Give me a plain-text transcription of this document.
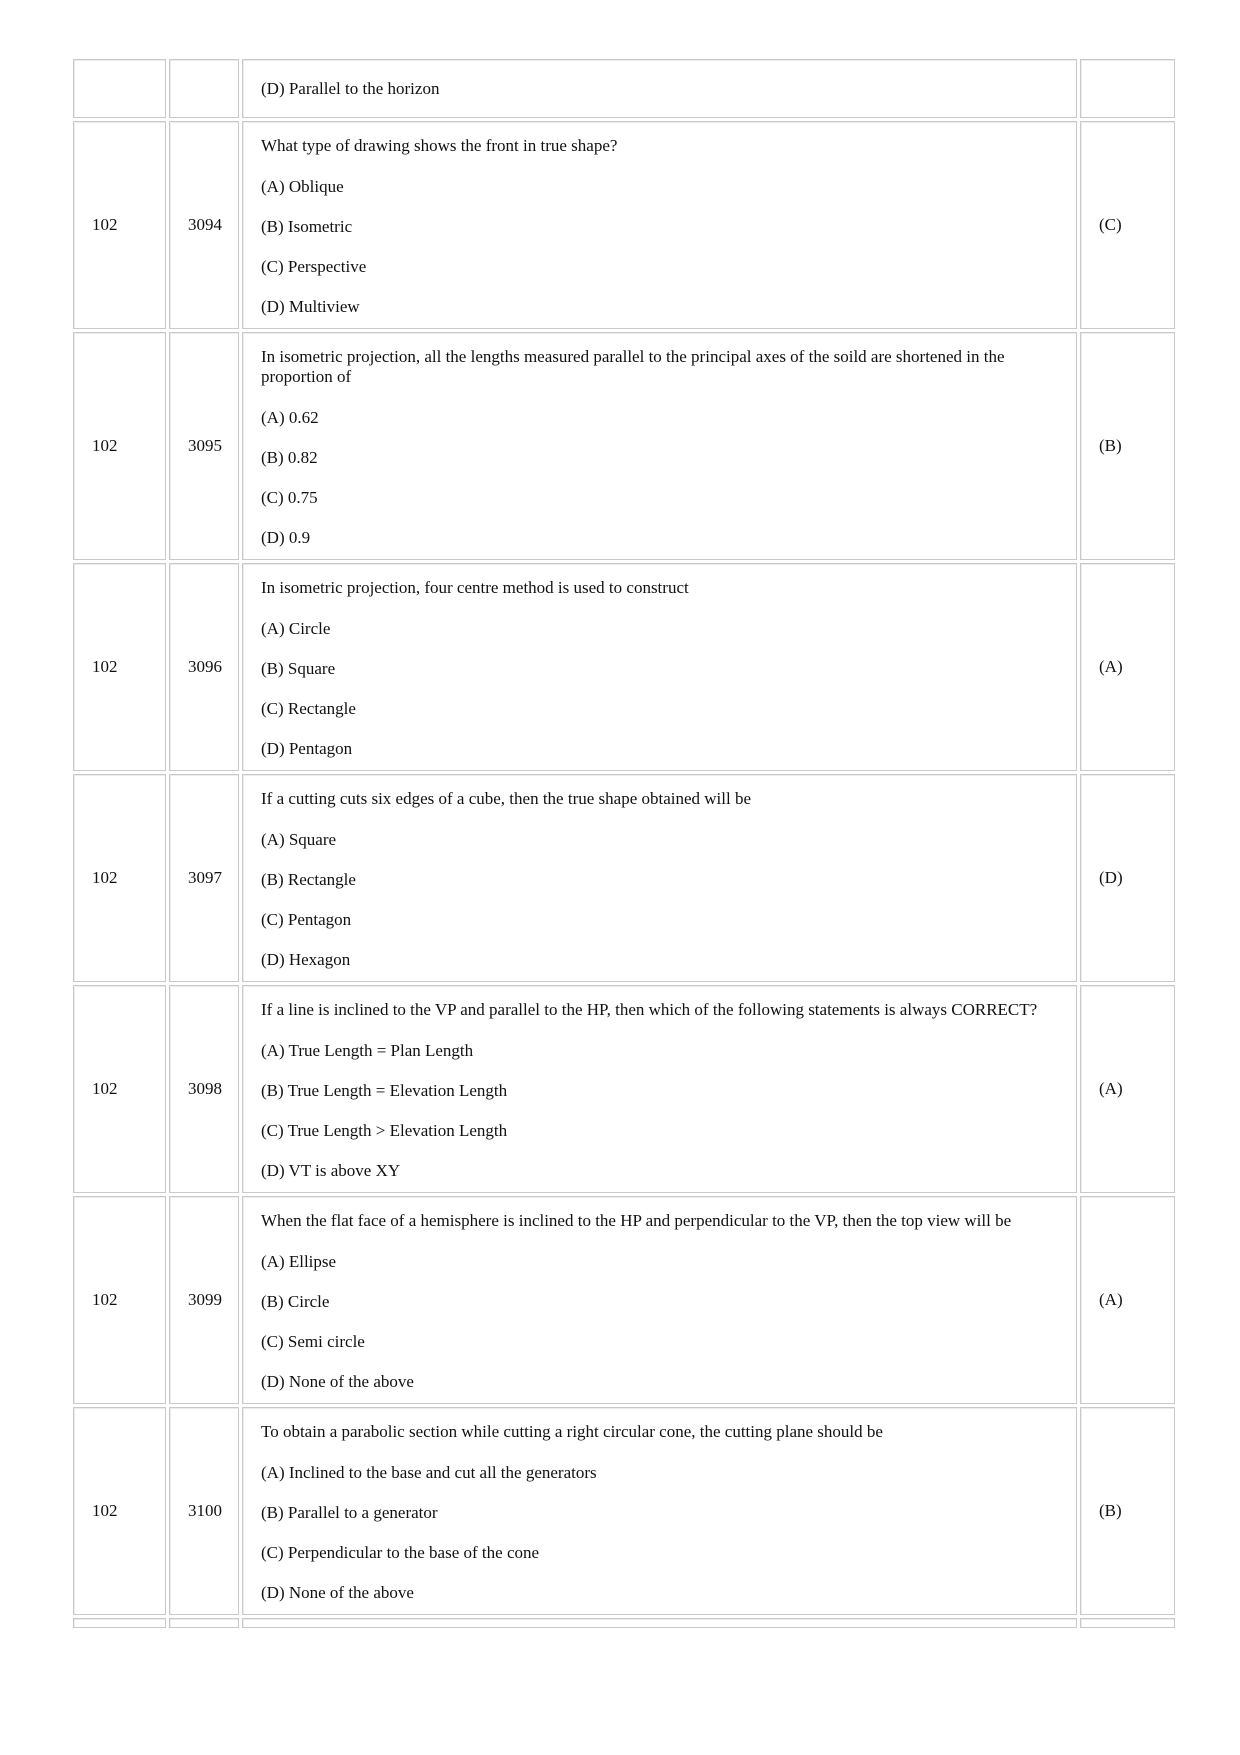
		(D) Parallel to the horizon	

102	3094	What type of drawing shows the front in true shape?
(A) Oblique
(B) Isometric
(C) Perspective
(D) Multiview	(C)
102	3095	In isometric projection, all the lengths measured parallel to the principal axes of the soild are shortened in the proportion of
(A) 0.62
(B) 0.82
(C) 0.75
(D) 0.9	(B)
102	3096	In isometric projection, four centre method is used to construct
(A) Circle
(B) Square
(C) Rectangle
(D) Pentagon	(A)
102	3097	If a cutting cuts six edges of a cube, then the true shape obtained will be
(A) Square
(B) Rectangle
(C) Pentagon
(D) Hexagon	(D)
102	3098	If a line is inclined to the VP and parallel to the HP, then which of the following statements is always CORRECT?
(A) True Length = Plan Length
(B) True Length = Elevation Length
(C) True Length > Elevation Length
(D) VT is above XY	(A)
102	3099	When the flat face of a hemisphere is inclined to the HP and perpendicular to the VP, then the top view will be
(A) Ellipse
(B) Circle
(C) Semi circle
(D) None of the above	(A)
102	3100	To obtain a parabolic section while cutting a right circular cone, the cutting plane should be
(A) Inclined to the base and cut all the generators
(B) Parallel to a generator
(C) Perpendicular to the base of the cone
(D) None of the above	(B)
